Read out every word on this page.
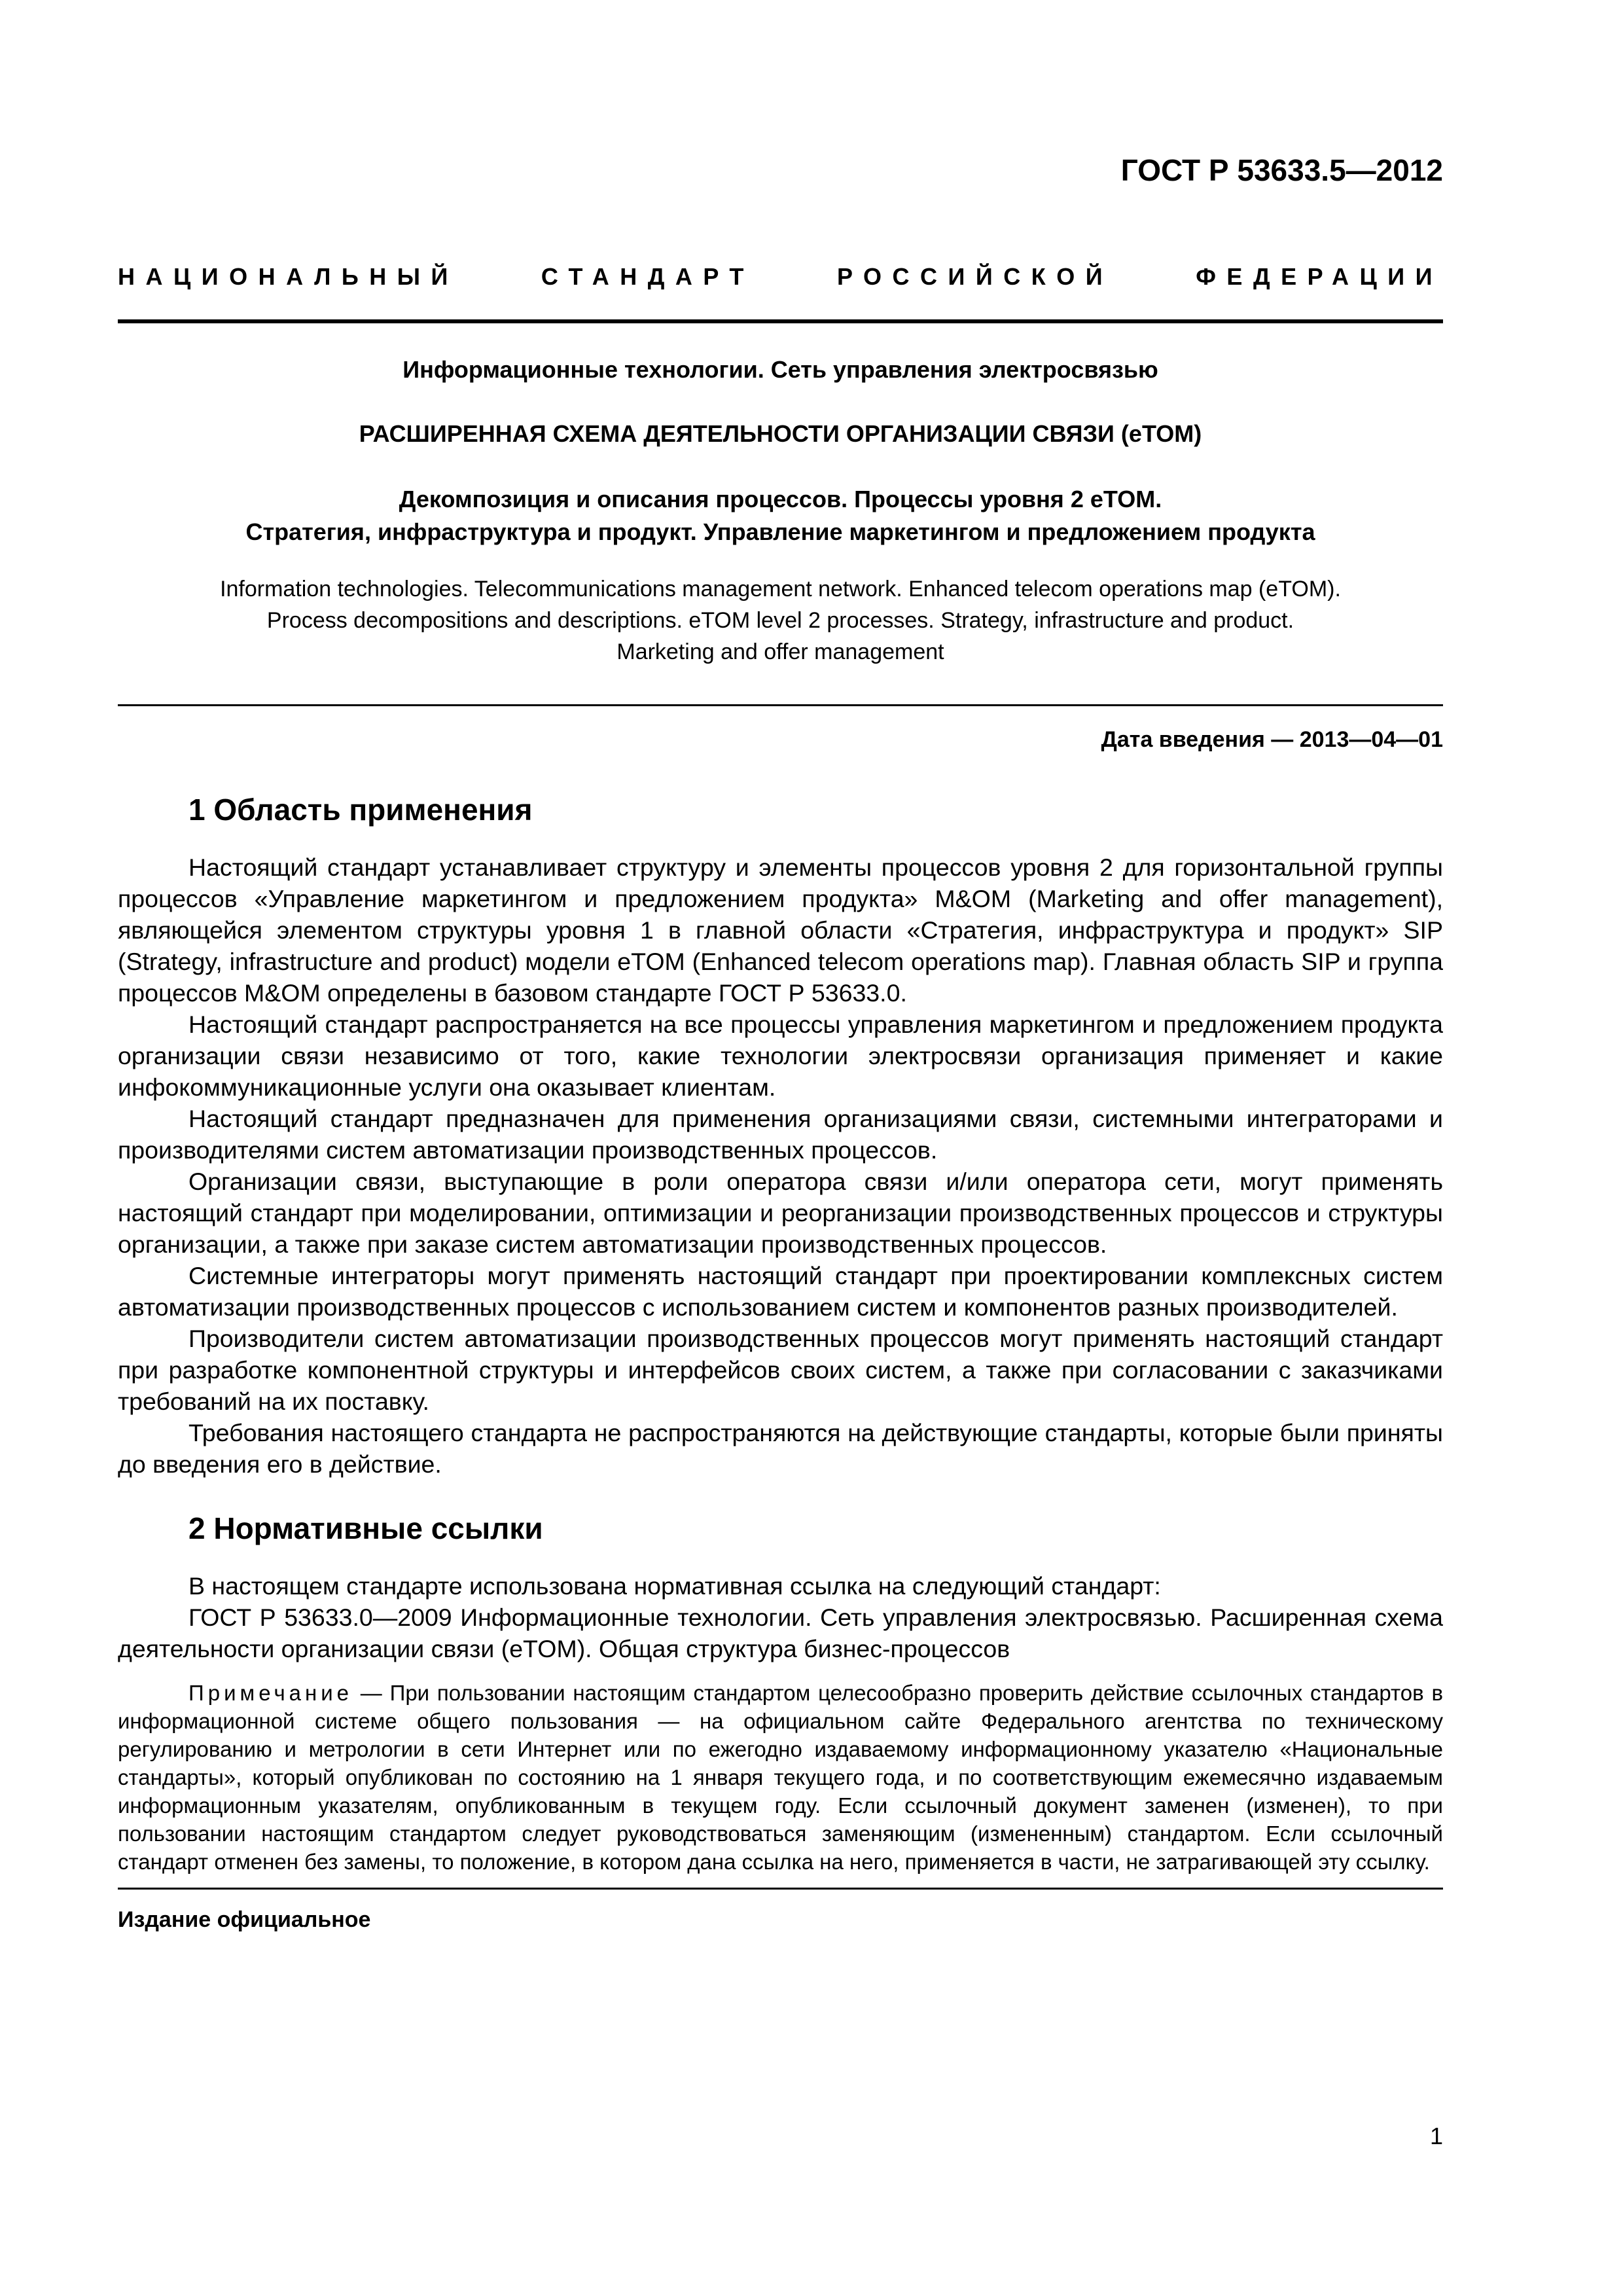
ГОСТ Р 53633.5—2012
НАЦИОНАЛЬНЫЙ СТАНДАРТ РОССИЙСКОЙ ФЕДЕРАЦИИ
Информационные технологии. Сеть управления электросвязью
РАСШИРЕННАЯ СХЕМА ДЕЯТЕЛЬНОСТИ ОРГАНИЗАЦИИ СВЯЗИ (eTOM)
Декомпозиция и описания процессов. Процессы уровня 2 eTOM.
Стратегия, инфраструктура и продукт. Управление маркетингом и предложением продукта
Information technologies. Telecommunications management network. Enhanced telecom operations map (eTOM).
Process decompositions and descriptions. eTOM level 2 processes. Strategy, infrastructure and product.
Marketing and offer management
Дата введения — 2013—04—01
1 Область применения

Настоящий стандарт устанавливает структуру и элементы процессов уровня 2 для горизонтальной группы процессов «Управление маркетингом и предложением продукта» M&OM (Marketing and offer management), являющейся элементом структуры уровня 1 в главной области «Стратегия, инфраструктура и продукт» SIP (Strategy, infrastructure and product) модели eTOM (Enhanced telecom operations map). Главная область SIP и группа процессов M&OM определены в базовом стандарте ГОСТ Р 53633.0.

Настоящий стандарт распространяется на все процессы управления маркетингом и предложением продукта организации связи независимо от того, какие технологии электросвязи организация применяет и какие инфокоммуникационные услуги она оказывает клиентам.

Настоящий стандарт предназначен для применения организациями связи, системными интеграторами и производителями систем автоматизации производственных процессов.

Организации связи, выступающие в роли оператора связи и/или оператора сети, могут применять настоящий стандарт при моделировании, оптимизации и реорганизации производственных процессов и структуры организации, а также при заказе систем автоматизации производственных процессов.

Системные интеграторы могут применять настоящий стандарт при проектировании комплексных систем автоматизации производственных процессов с использованием систем и компонентов разных производителей.

Производители систем автоматизации производственных процессов могут применять настоящий стандарт при разработке компонентной структуры и интерфейсов своих систем, а также при согласовании с заказчиками требований на их поставку.

Требования настоящего стандарта не распространяются на действующие стандарты, которые были приняты до введения его в действие.

2 Нормативные ссылки

В настоящем стандарте использована нормативная ссылка на следующий стандарт:

ГОСТ Р 53633.0—2009 Информационные технологии. Сеть управления электросвязью. Расширенная схема деятельности организации связи (eTOM). Общая структура бизнес-процессов

Примечание — При пользовании настоящим стандартом целесообразно проверить действие ссылочных стандартов в информационной системе общего пользования — на официальном сайте Федерального агентства по техническому регулированию и метрологии в сети Интернет или по ежегодно издаваемому информационному указателю «Национальные стандарты», который опубликован по состоянию на 1 января текущего года, и по соответствующим ежемесячно издаваемым информационным указателям, опубликованным в текущем году. Если ссылочный документ заменен (изменен), то при пользовании настоящим стандартом следует руководствоваться заменяющим (измененным) стандартом. Если ссылочный стандарт отменен без замены, то положение, в котором дана ссылка на него, применяется в части, не затрагивающей эту ссылку.
Издание официальное
1
